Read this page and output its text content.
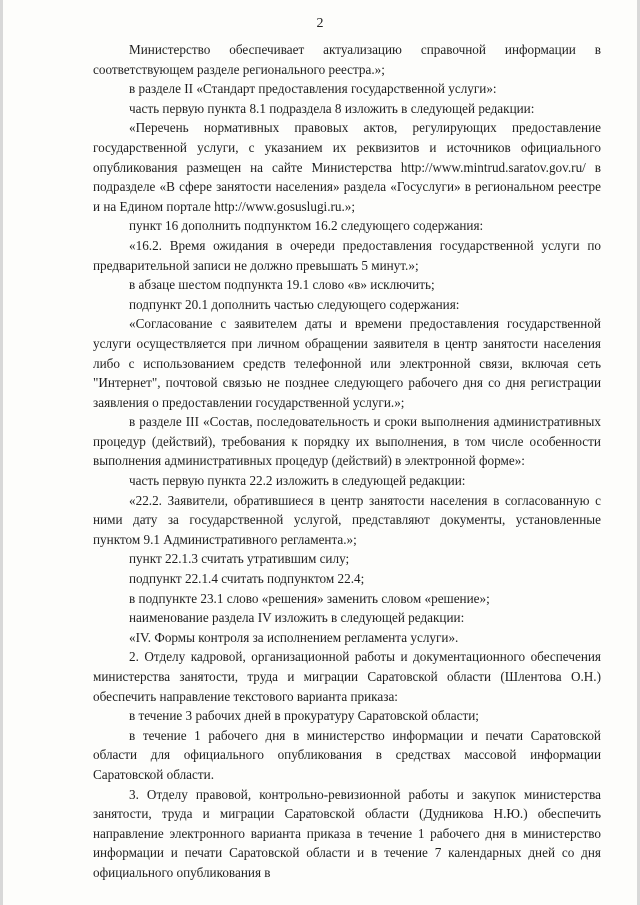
2

Министерство обеспечивает актуализацию справочной информации в соответствующем разделе регионального реестра.»;

в разделе II «Стандарт предоставления государственной услуги»:

часть первую пункта 8.1 подраздела 8 изложить в следующей редакции:

«Перечень нормативных правовых актов, регулирующих предоставление государственной услуги, с указанием их реквизитов и источников официального опубликования размещен на сайте Министерства http://www.mintrud.saratov.gov.ru/ в подразделе «В сфере занятости населения» раздела «Госуслуги» в региональном реестре и на Едином портале http://www.gosuslugi.ru.»;

пункт 16 дополнить подпунктом 16.2 следующего содержания:

«16.2. Время ожидания в очереди предоставления государственной услуги по предварительной записи не должно превышать 5 минут.»;

в абзаце шестом подпункта 19.1 слово «в» исключить;

подпункт 20.1 дополнить частью следующего содержания:

«Согласование с заявителем даты и времени предоставления государственной услуги осуществляется при личном обращении заявителя в центр занятости населения либо с использованием средств телефонной или электронной связи, включая сеть "Интернет", почтовой связью не позднее следующего рабочего дня со дня регистрации заявления о предоставлении государственной услуги.»;

в разделе III «Состав, последовательность и сроки выполнения административных процедур (действий), требования к порядку их выполнения, в том числе особенности выполнения административных процедур (действий) в электронной форме»:

часть первую пункта 22.2 изложить в следующей редакции:

«22.2. Заявители, обратившиеся в центр занятости населения в согласованную с ними дату за государственной услугой, представляют документы, установленные пунктом 9.1 Административного регламента.»;

пункт 22.1.3 считать утратившим силу;

подпункт 22.1.4 считать подпунктом 22.4;

в подпункте 23.1 слово «решения» заменить словом «решение»;

наименование раздела IV изложить в следующей редакции:

«IV. Формы контроля за исполнением регламента услуги».

2. Отделу кадровой, организационной работы и документационного обеспечения министерства занятости, труда и миграции Саратовской области (Шлентова О.Н.) обеспечить направление текстового варианта приказа:

в течение 3 рабочих дней в прокуратуру Саратовской области;

в течение 1 рабочего дня в министерство информации и печати Саратовской области для официального опубликования в средствах массовой информации Саратовской области.

3. Отделу правовой, контрольно-ревизионной работы и закупок министерства занятости, труда и миграции Саратовской области (Дудникова Н.Ю.) обеспечить направление электронного варианта приказа в течение 1 рабочего дня в министерство информации и печати Саратовской области и в течение 7 календарных дней со дня официального опубликования в
